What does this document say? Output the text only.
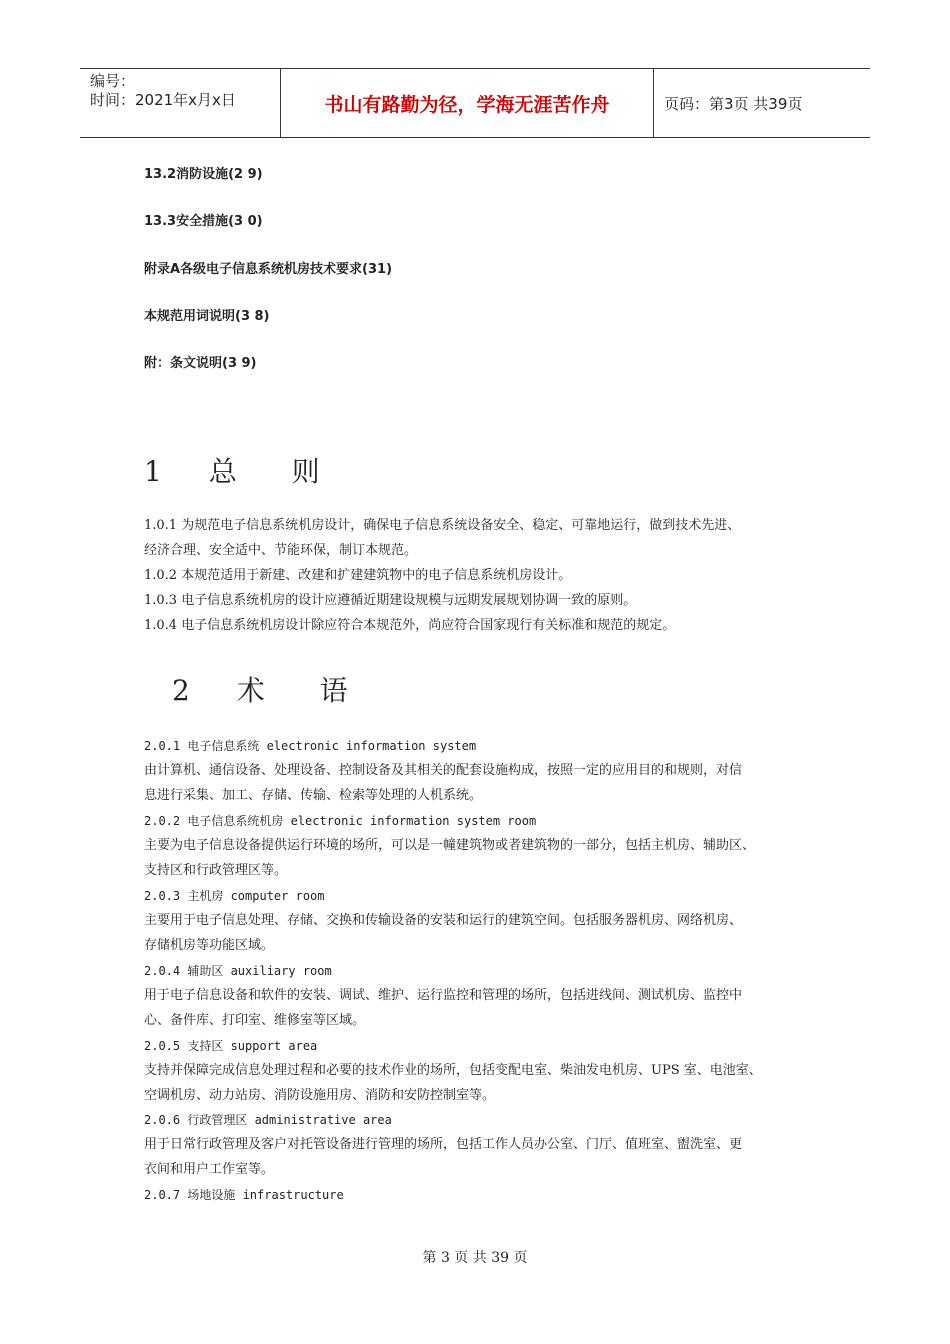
编号：
时间：2021年x月x日	书山有路勤为径，学海无涯苦作舟	页码：第3页 共39页
13.2消防设施(2 9)
13.3安全措施(3 0)
附录A各级电子信息系统机房技术要求(31)
本规范用词说明(3 8)
附：条文说明(3 9)
1 总 则
1.0.1 为规范电子信息系统机房设计，确保电子信息系统设备安全、稳定、可靠地运行，做到技术先进、
经济合理、安全适中、节能环保，制订本规范。
1.0.2 本规范适用于新建、改建和扩建建筑物中的电子信息系统机房设计。
1.0.3 电子信息系统机房的设计应遵循近期建设规模与远期发展规划协调一致的原则。
1.0.4 电子信息系统机房设计除应符合本规范外，尚应符合国家现行有关标准和规范的规定。
2 术 语
2.0.1 电子信息系统 electronic information system
由计算机、通信设备、处理设备、控制设备及其相关的配套设施构成，按照一定的应用目的和规则，对信
息进行采集、加工、存储、传输、检索等处理的人机系统。
2.0.2 电子信息系统机房 electronic information system room
主要为电子信息设备提供运行环境的场所，可以是一幢建筑物或者建筑物的一部分，包括主机房、辅助区、
支持区和行政管理区等。
2.0.3 主机房 computer room
主要用于电子信息处理、存储、交换和传输设备的安装和运行的建筑空间。包括服务器机房、网络机房、
存储机房等功能区域。
2.0.4 辅助区 auxiliary room
用于电子信息设备和软件的安装、调试、维护、运行监控和管理的场所，包括进线间、测试机房、监控中
心、备件库、打印室、维修室等区域。
2.0.5 支持区 support area
支持并保障完成信息处理过程和必要的技术作业的场所，包括变配电室、柴油发电机房、UPS 室、电池室、
空调机房、动力站房、消防设施用房、消防和安防控制室等。
2.0.6 行政管理区 administrative area
用于日常行政管理及客户对托管设备进行管理的场所，包括工作人员办公室、门厅、值班室、盥洗室、更
衣间和用户工作室等。
2.0.7 场地设施 infrastructure
第 3 页 共 39 页
